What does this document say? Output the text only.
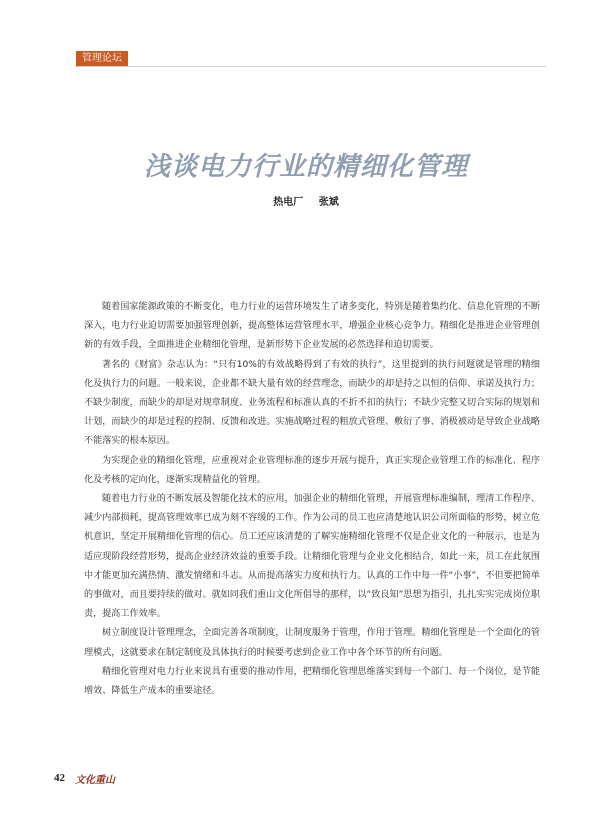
管理论坛
浅谈电力行业的精细化管理
热电厂 张斌

随着国家能源政策的不断变化，电力行业的运营环境发生了诸多变化，特别是随着集约化、信息化管理的不断深入，电力行业迫切需要加强管理创新，提高整体运营管理水平，增强企业核心竞争力。精细化是推进企业管理创新的有效手段，全面推进企业精细化管理，是新形势下企业发展的必然选择和迫切需要。

著名的《财富》杂志认为：“只有10%的有效战略得到了有效的执行”，这里提到的执行问题就是管理的精细化及执行力的问题。一般来说，企业都不缺大量有效的经营理念，而缺少的却是持之以恒的信仰、承诺及执行力；不缺少制度，而缺少的却是对规章制度、业务流程和标准认真的不折不扣的执行；不缺少完整又切合实际的规划和计划，而缺少的却是过程的控制、反馈和改进。实施战略过程的粗放式管理、敷衍了事、消极被动是导致企业战略不能落实的根本原因。

为实现企业的精细化管理，应重视对企业管理标准的逐步开展与提升，真正实现企业管理工作的标准化、程序化及考核的定向化，逐渐实现精益化的管理。

随着电力行业的不断发展及智能化技术的应用，加强企业的精细化管理，开展管理标准编制，理清工作程序、减少内部损耗，提高管理效率已成为刻不容缓的工作。作为公司的员工也应清楚地认识公司所面临的形势，树立危机意识，坚定开展精细化管理的信心。员工还应该清楚的了解实施精细化管理不仅是企业文化的一种展示，也是为适应现阶段经营形势，提高企业经济效益的重要手段。让精细化管理与企业文化相结合，如此一来，员工在此氛围中才能更加充满热情、激发情绪和斗志。从而提高落实力度和执行力。认真的工作中每一件“小事”，不但要把简单的事做对，而且要持续的做对。就如同我们重山文化所倡导的那样，以“致良知”思想为指引，扎扎实实完成岗位职责，提高工作效率。

树立制度设计管理理念，全面完善各项制度，让制度服务于管理，作用于管理。精细化管理是一个全面化的管理模式，这就要求在制定制度及具体执行的时候要考虑到企业工作中各个环节的所有问题。

精细化管理对电力行业来说具有重要的推动作用，把精细化管理思维落实到每一个部门、每一个岗位，是节能增效、降低生产成本的重要途径。

42 文化重山
